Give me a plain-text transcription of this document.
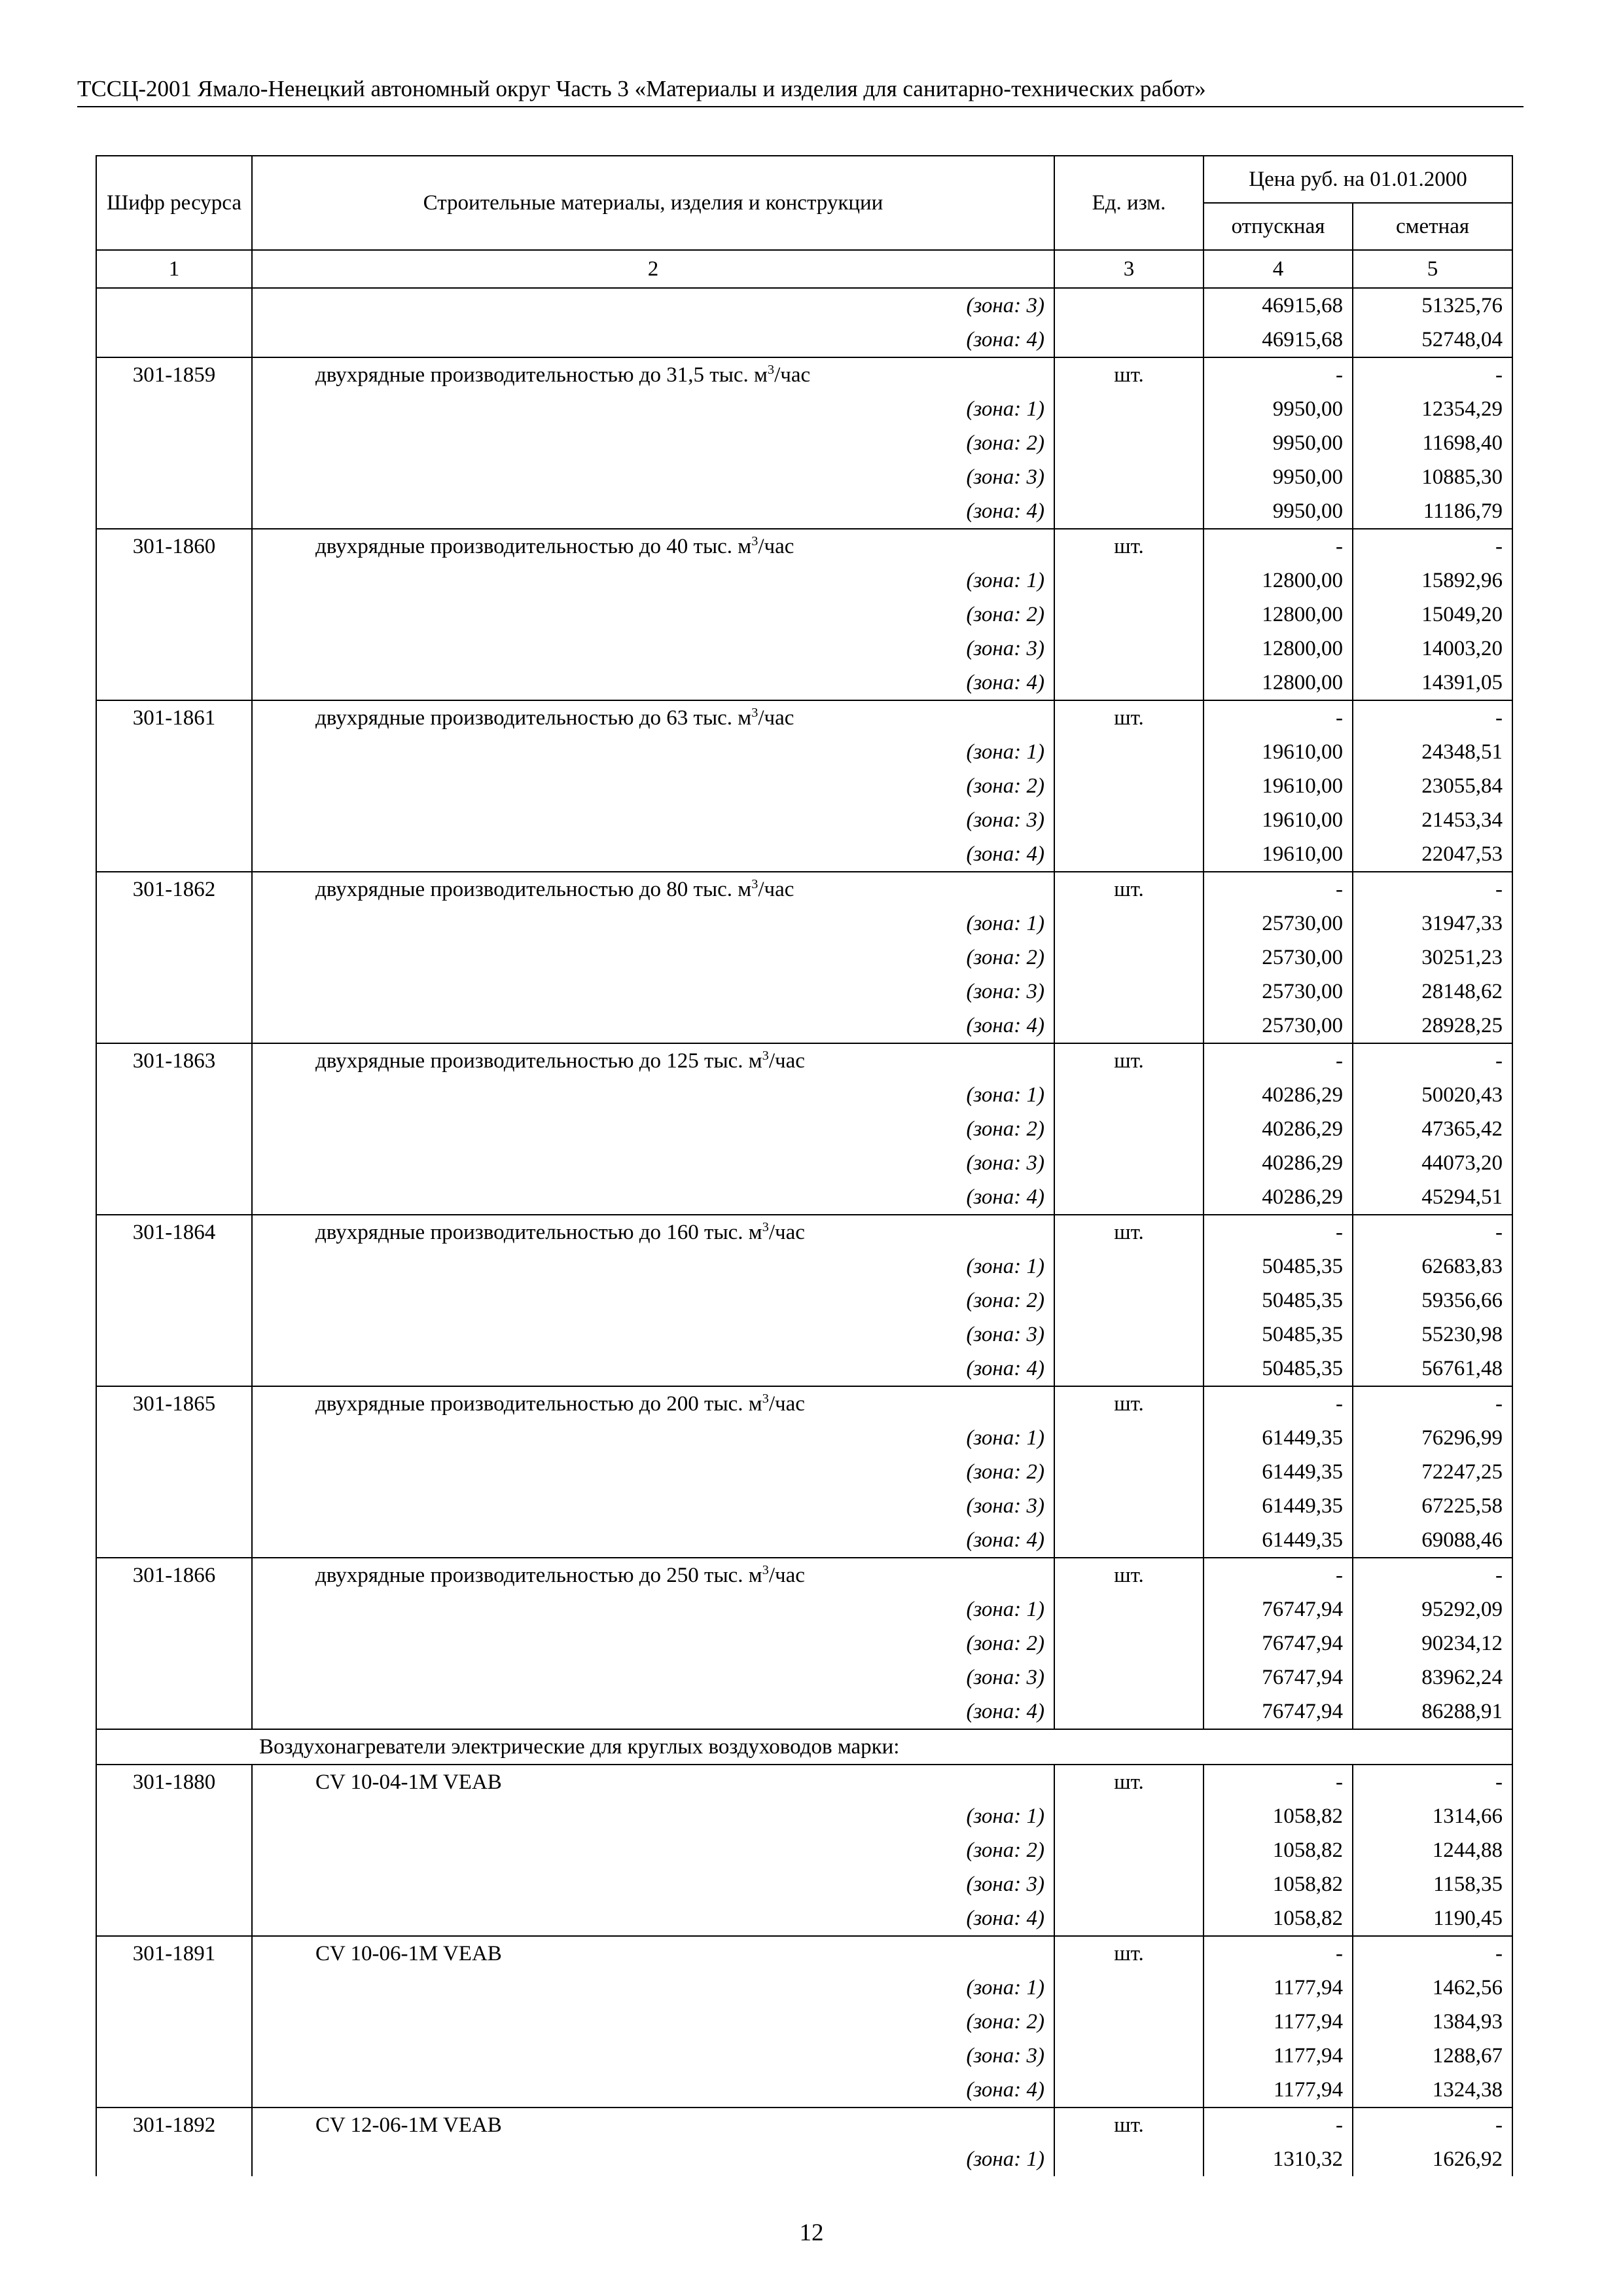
ТССЦ-2001 Ямало-Ненецкий автономный округ Часть 3 «Материалы и изделия для санитарно-технических работ»
Шифр ресурса	Строительные материалы, изделия и конструкции	Ед. изм.	Цена руб. на 01.01.2000	
			отпускная	сметная
1	2	3	4	5

	(зона: 3)		46915,68	51325,76

	(зона: 4)		46915,68	52748,04
301-1859	двухрядные производительностью до 31,5 тыс. $м^3$/час	шт.	-	-

	(зона: 1)		9950,00	12354,29

	(зона: 2)		9950,00	11698,40

	(зона: 3)		9950,00	10885,30

	(зона: 4)		9950,00	11186,79
301-1860	двухрядные производительностью до 40 тыс. $м^3$/час	шт.	-	-

	(зона: 1)		12800,00	15892,96

	(зона: 2)		12800,00	15049,20

	(зона: 3)		12800,00	14003,20

	(зона: 4)		12800,00	14391,05
301-1861	двухрядные производительностью до 63 тыс. $м^3$/час	шт.	-	-

	(зона: 1)		19610,00	24348,51

	(зона: 2)		19610,00	23055,84

	(зона: 3)		19610,00	21453,34

	(зона: 4)		19610,00	22047,53
301-1862	двухрядные производительностью до 80 тыс. $м^3$/час	шт.	-	-

	(зона: 1)		25730,00	31947,33

	(зона: 2)		25730,00	30251,23

	(зона: 3)		25730,00	28148,62

	(зона: 4)		25730,00	28928,25
301-1863	двухрядные производительностью до 125 тыс. $м^3$/час	шт.	-	-

	(зона: 1)		40286,29	50020,43

	(зона: 2)		40286,29	47365,42

	(зона: 3)		40286,29	44073,20

	(зона: 4)		40286,29	45294,51
301-1864	двухрядные производительностью до 160 тыс. $м^3$/час	шт.	-	-

	(зона: 1)		50485,35	62683,83

	(зона: 2)		50485,35	59356,66

	(зона: 3)		50485,35	55230,98

	(зона: 4)		50485,35	56761,48
301-1865	двухрядные производительностью до 200 тыс. $м^3$/час	шт.	-	-

	(зона: 1)		61449,35	76296,99

	(зона: 2)		61449,35	72247,25

	(зона: 3)		61449,35	67225,58

	(зона: 4)		61449,35	69088,46
301-1866	двухрядные производительностью до 250 тыс. $м^3$/час	шт.	-	-

	(зона: 1)		76747,94	95292,09

	(зона: 2)		76747,94	90234,12

	(зона: 3)		76747,94	83962,24

	(зона: 4)		76747,94	86288,91
Воздухонагреватели электрические для круглых воздуховодов марки:				
301-1880	CV 10-04-1M VEAB	шт.	-	-

	(зона: 1)		1058,82	1314,66

	(зона: 2)		1058,82	1244,88

	(зона: 3)		1058,82	1158,35

	(зона: 4)		1058,82	1190,45
301-1891	CV 10-06-1M VEAB	шт.	-	-

	(зона: 1)		1177,94	1462,56

	(зона: 2)		1177,94	1384,93

	(зона: 3)		1177,94	1288,67

	(зона: 4)		1177,94	1324,38
301-1892	CV 12-06-1M VEAB	шт.	-	-

	(зона: 1)		1310,32	1626,92
12
